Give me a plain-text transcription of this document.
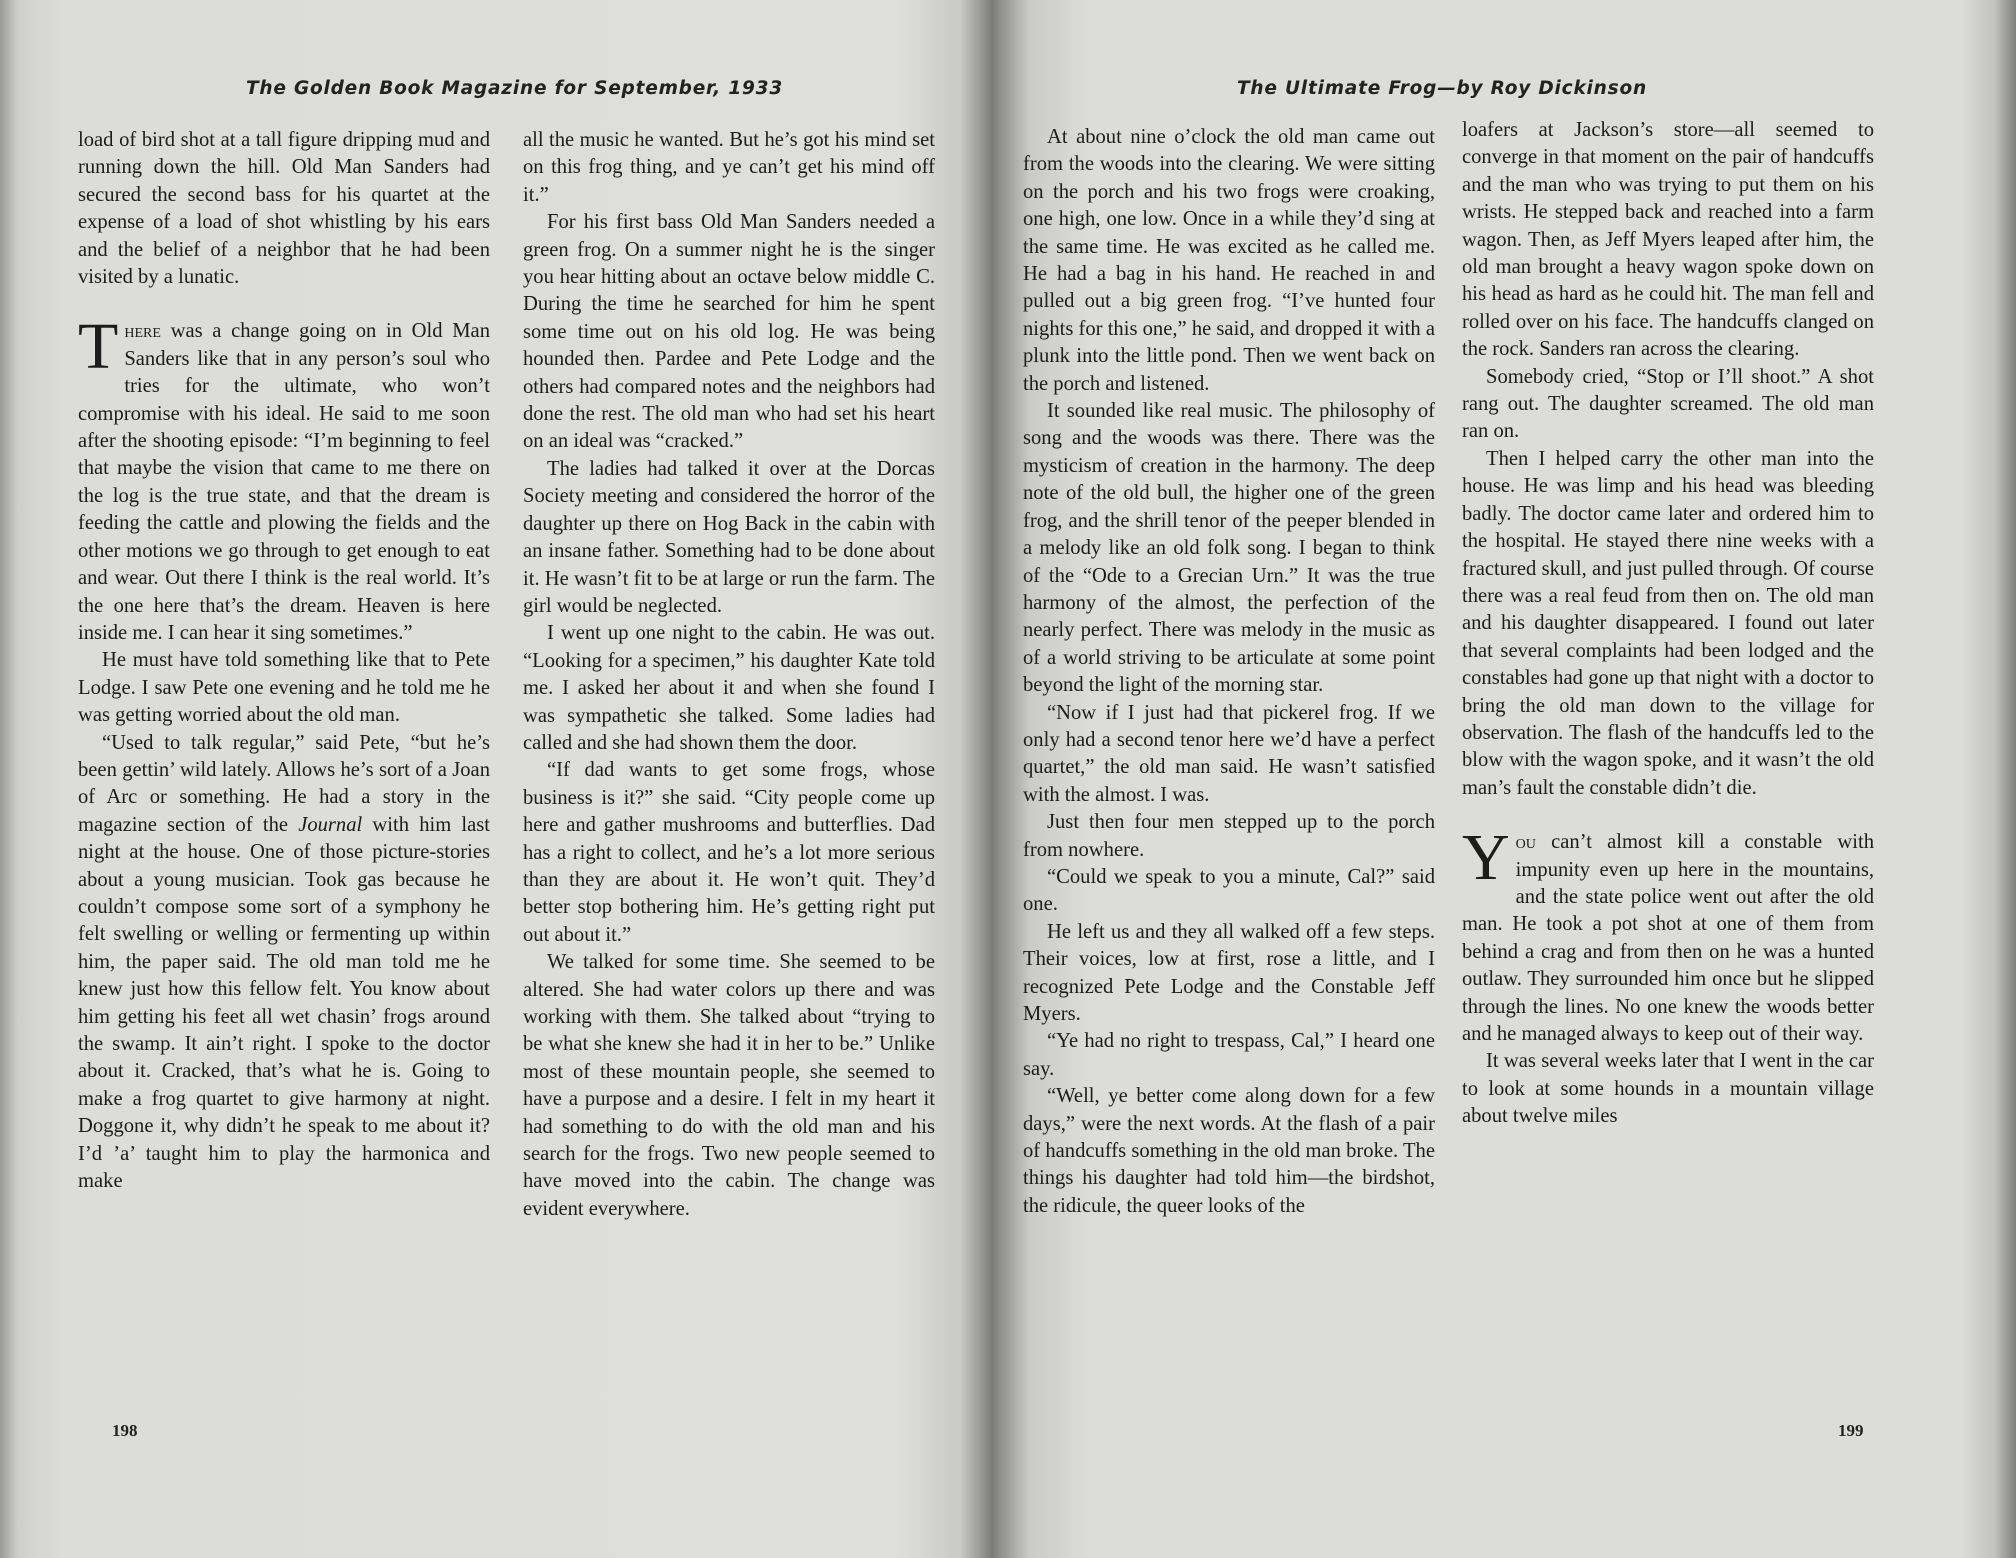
The Golden Book Magazine for September, 1933

load of bird shot at a tall figure dripping mud and running down the hill. Old Man Sanders had secured the second bass for his quartet at the expense of a load of shot whistling by his ears and the belief of a neighbor that he had been visited by a lunatic.

There was a change going on in Old Man Sanders like that in any person’s soul who tries for the ultimate, who won’t compromise with his ideal. He said to me soon after the shooting episode: “I’m beginning to feel that maybe the vision that came to me there on the log is the true state, and that the dream is feeding the cattle and plowing the fields and the other motions we go through to get enough to eat and wear. Out there I think is the real world. It’s the one here that’s the dream. Heaven is here inside me. I can hear it sing sometimes.”

He must have told something like that to Pete Lodge. I saw Pete one evening and he told me he was getting worried about the old man.

“Used to talk regular,” said Pete, “but he’s been gettin’ wild lately. Allows he’s sort of a Joan of Arc or something. He had a story in the magazine section of the Journal with him last night at the house. One of those picture-stories about a young musician. Took gas because he couldn’t compose some sort of a symphony he felt swelling or welling or fermenting up within him, the paper said. The old man told me he knew just how this fellow felt. You know about him getting his feet all wet chasin’ frogs around the swamp. It ain’t right. I spoke to the doctor about it. Cracked, that’s what he is. Going to make a frog quartet to give harmony at night. Doggone it, why didn’t he speak to me about it? I’d ’a’ taught him to play the harmonica and make

all the music he wanted. But he’s got his mind set on this frog thing, and ye can’t get his mind off it.”

For his first bass Old Man Sanders needed a green frog. On a summer night he is the singer you hear hitting about an octave below middle C. During the time he searched for him he spent some time out on his old log. He was being hounded then. Pardee and Pete Lodge and the others had compared notes and the neighbors had done the rest. The old man who had set his heart on an ideal was “cracked.”

The ladies had talked it over at the Dorcas Society meeting and considered the horror of the daughter up there on Hog Back in the cabin with an insane father. Something had to be done about it. He wasn’t fit to be at large or run the farm. The girl would be neglected.

I went up one night to the cabin. He was out. “Looking for a specimen,” his daughter Kate told me. I asked her about it and when she found I was sympathetic she talked. Some ladies had called and she had shown them the door.

“If dad wants to get some frogs, whose business is it?” she said. “City people come up here and gather mushrooms and butterflies. Dad has a right to collect, and he’s a lot more serious than they are about it. He won’t quit. They’d better stop bothering him. He’s getting right put out about it.”

We talked for some time. She seemed to be altered. She had water colors up there and was working with them. She talked about “trying to be what she knew she had it in her to be.” Unlike most of these mountain people, she seemed to have a purpose and a desire. I felt in my heart it had something to do with the old man and his search for the frogs. Two new people seemed to have moved into the cabin. The change was evident everywhere.

198
The Ultimate Frog—by Roy Dickinson

At about nine o’clock the old man came out from the woods into the clearing. We were sitting on the porch and his two frogs were croaking, one high, one low. Once in a while they’d sing at the same time. He was excited as he called me. He had a bag in his hand. He reached in and pulled out a big green frog. “I’ve hunted four nights for this one,” he said, and dropped it with a plunk into the little pond. Then we went back on the porch and listened.

It sounded like real music. The philosophy of song and the woods was there. There was the mysticism of creation in the harmony. The deep note of the old bull, the higher one of the green frog, and the shrill tenor of the peeper blended in a melody like an old folk song. I began to think of the “Ode to a Grecian Urn.” It was the true harmony of the almost, the perfection of the nearly perfect. There was melody in the music as of a world striving to be articulate at some point beyond the light of the morning star.

“Now if I just had that pickerel frog. If we only had a second tenor here we’d have a perfect quartet,” the old man said. He wasn’t satisfied with the almost. I was.

Just then four men stepped up to the porch from nowhere.

“Could we speak to you a minute, Cal?” said one.

He left us and they all walked off a few steps. Their voices, low at first, rose a little, and I recognized Pete Lodge and the Constable Jeff Myers.

“Ye had no right to trespass, Cal,” I heard one say.

“Well, ye better come along down for a few days,” were the next words. At the flash of a pair of handcuffs something in the old man broke. The things his daughter had told him—the birdshot, the ridicule, the queer looks of the

loafers at Jackson’s store—all seemed to converge in that moment on the pair of handcuffs and the man who was trying to put them on his wrists. He stepped back and reached into a farm wagon. Then, as Jeff Myers leaped after him, the old man brought a heavy wagon spoke down on his head as hard as he could hit. The man fell and rolled over on his face. The handcuffs clanged on the rock. Sanders ran across the clearing.

Somebody cried, “Stop or I’ll shoot.” A shot rang out. The daughter screamed. The old man ran on.

Then I helped carry the other man into the house. He was limp and his head was bleeding badly. The doctor came later and ordered him to the hospital. He stayed there nine weeks with a fractured skull, and just pulled through. Of course there was a real feud from then on. The old man and his daughter disappeared. I found out later that several complaints had been lodged and the constables had gone up that night with a doctor to bring the old man down to the village for observation. The flash of the handcuffs led to the blow with the wagon spoke, and it wasn’t the old man’s fault the constable didn’t die.

You can’t almost kill a constable with impunity even up here in the mountains, and the state police went out after the old man. He took a pot shot at one of them from behind a crag and from then on he was a hunted outlaw. They surrounded him once but he slipped through the lines. No one knew the woods better and he managed always to keep out of their way.

It was several weeks later that I went in the car to look at some hounds in a mountain village about twelve miles

199
